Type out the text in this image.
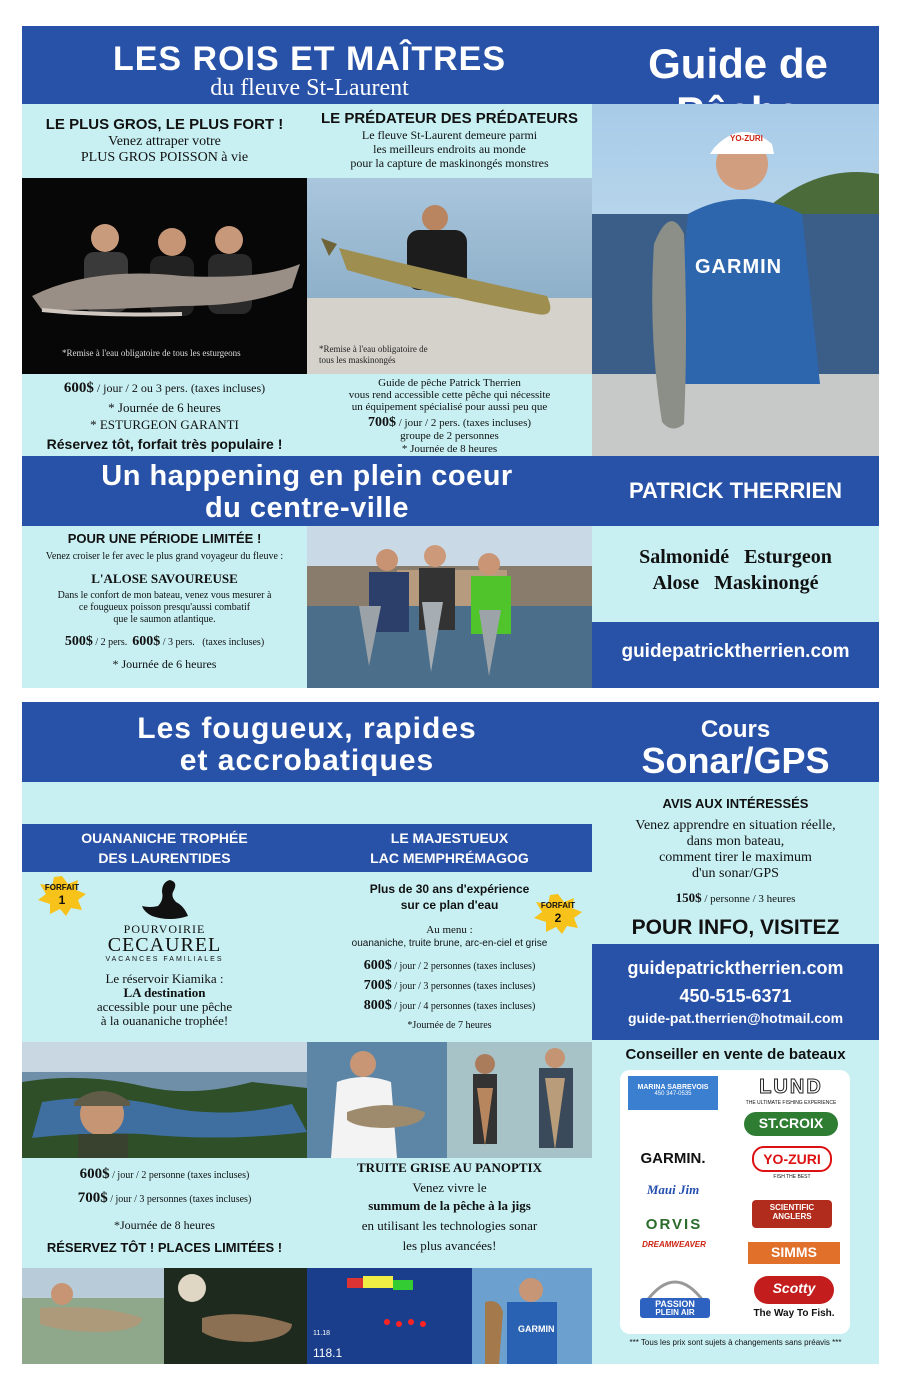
LES ROIS ET MAÎTRES
du fleuve St-Laurent
Guide de
LE PLUS GROS, LE PLUS FORT !
Venez attraper votre
PLUS GROS POISSON à vie
LE PRÉDATEUR DES PRÉDATEURS
Le fleuve St-Laurent demeure parmi
les meilleurs endroits au monde
pour la capture de maskinongés monstres
*Remise à l'eau obligatoire de tous les esturgeons	*Remise à l'eau obligatoire de
tous les maskinongés
GARMIN
YO-ZURI
600$ / jour / 2 ou 3 pers. (taxes incluses)
* Journée de 6 heures
* ESTURGEON GARANTI
Réservez tôt, forfait très populaire !
Guide de pêche Patrick Therrien
vous rend accessible cette pêche qui nécessite
un équipement spécialisé pour aussi peu que
700$ / jour / 2 pers. (taxes incluses)
groupe de 2 personnes
* Journée de 8 heures
Un happening en plein coeur
du centre-ville
PATRICK THERRIEN
POUR UNE PÉRIODE LIMITÉE !
Venez croiser le fer avec le plus grand voyageur du fleuve :
L'ALOSE SAVOUREUSE
Dans le confort de mon bateau, venez vous mesurer à
ce fougueux poisson presqu'aussi combatif
que le saumon atlantique.
500$ / 2 pers. 600$ / 3 pers. (taxes incluses)
* Journée de 6 heures
Salmonidé   Esturgeon
Alose   Maskinongé
guidepatricktherrien.com
Les fougueux, rapides
et accrobatiques
Cours
Sonar/GPS
OUANANICHE TROPHÉE
DES LAURENTIDES
FORFAIT
1
POURVOIRIE
CECAUREL
VACANCES FAMILIALES
Le réservoir Kiamika :
LA destination
accessible pour une pêche
à la ouananiche trophée!
LE MAJESTUEUX
LAC MEMPHRÉMAGOG
Plus de 30 ans d'expérience
sur ce plan d'eau	FORFAIT
2
Au menu :
ouananiche, truite brune, arc-en-ciel et grise
600$ / jour / 2 personnes (taxes incluses)
700$ / jour / 3 personnes (taxes incluses)
800$ / jour / 4 personnes (taxes incluses)
*Journée de 7 heures
AVIS AUX INTÉRESSÉS
Venez apprendre en situation réelle,
dans mon bateau,
comment tirer le maximum
d'un sonar/GPS
150$ / personne / 3 heures
POUR INFO, VISITEZ
guidepatricktherrien.com
450-515-6371
guide-pat.therrien@hotmail.com
600$ / jour / 2 personne (taxes incluses)
700$ / jour / 3 personnes (taxes incluses)
*Journée de 8 heures
RÉSERVEZ TÔT ! PLACES LIMITÉES !
TRUITE GRISE AU PANOPTIX
Venez vivre le
summum de la pêche à la jigs
en utilisant les technologies sonar
les plus avancées!
11.18
118.1
GARMIN
Conseiller en vente de bateaux
MARINA SABREVOIS
450 347-0535	LUND
THE ULTIMATE FISHING EXPERIENCE
ST.CROIX
GARMIN.	YO-ZURI
FISH THE BEST
Maui Jim
SCIENTIFIC
ANGLERS
ORVIS
DREAMWEAVER	SIMMS
PASSION
PLEIN AIR
Scotty
The Way To Fish.
*** Tous les prix sont sujets à changements sans préavis ***
